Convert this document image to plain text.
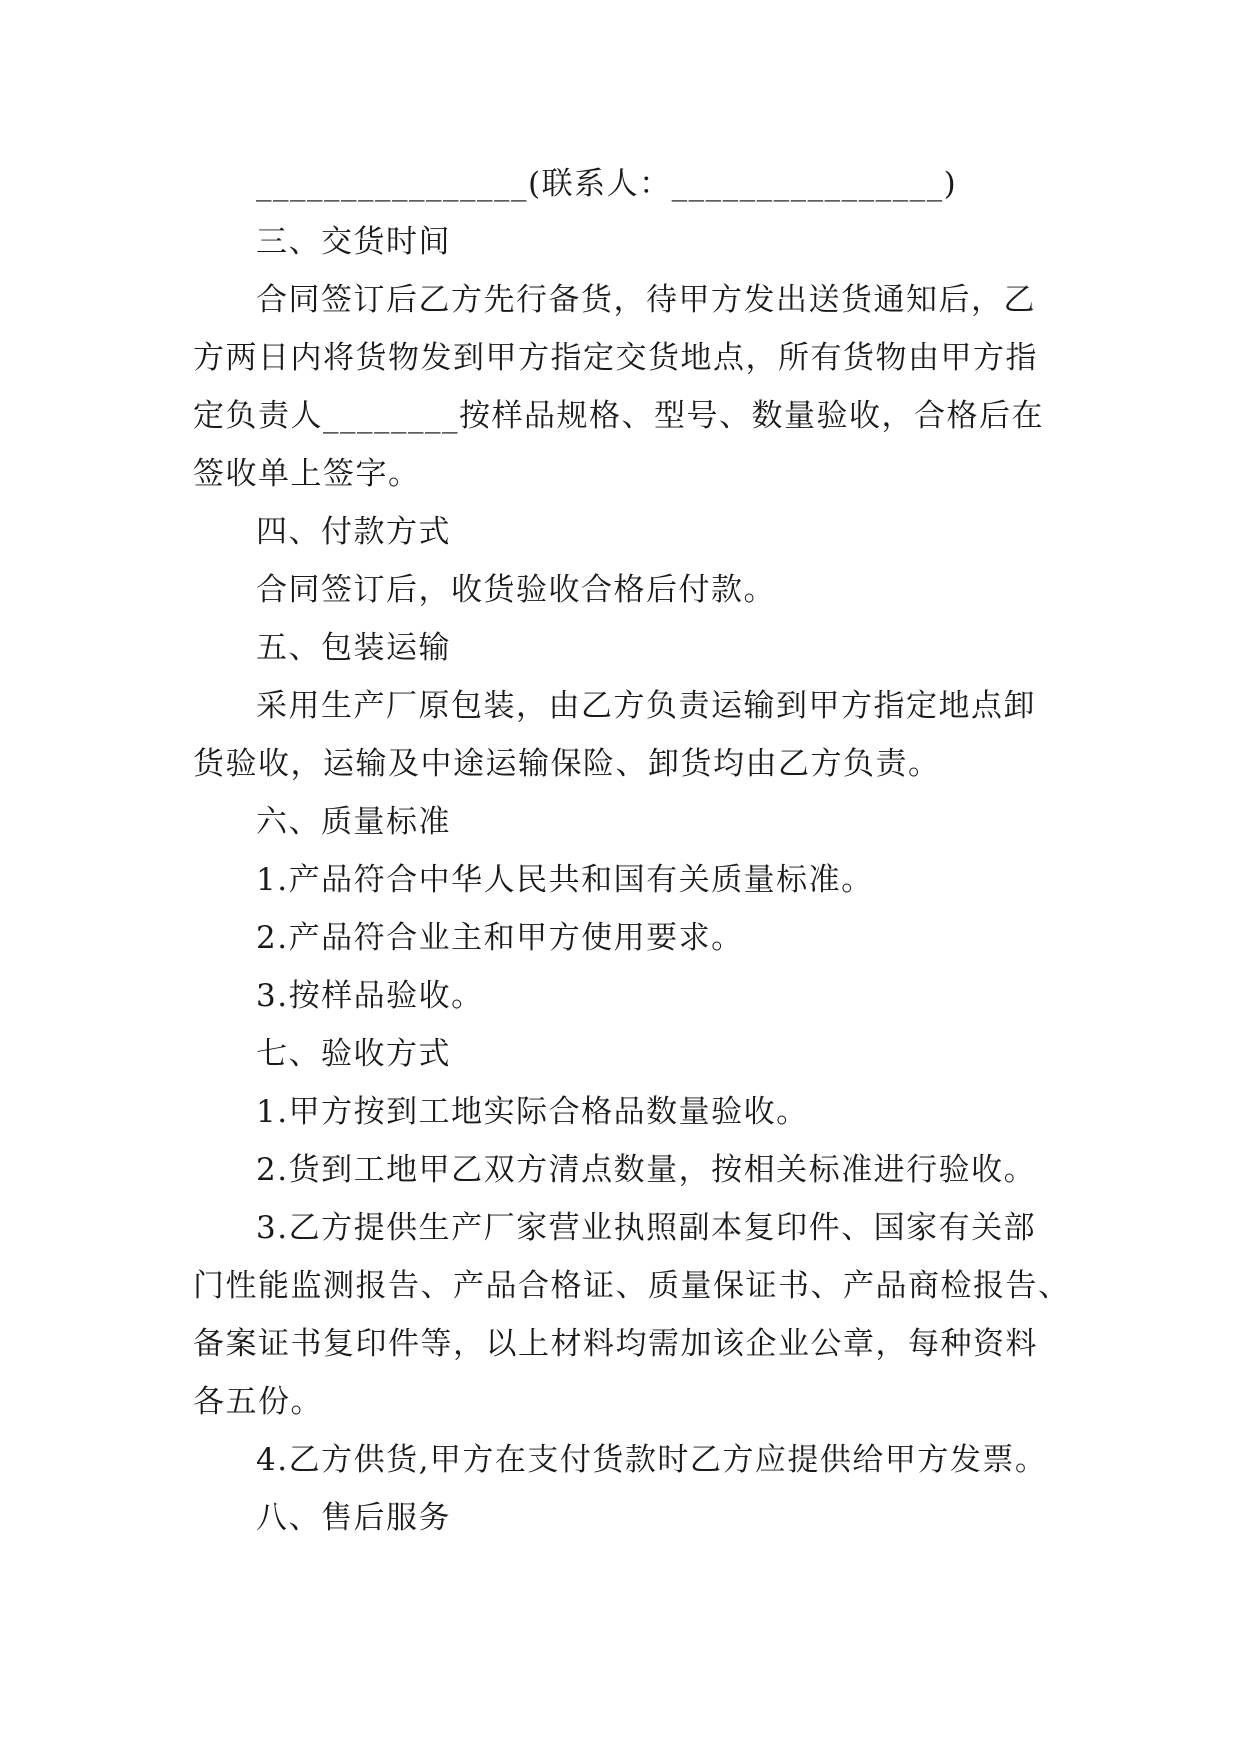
________________(联系人：________________)
三、交货时间
合同签订后乙方先行备货，待甲方发出送货通知后，乙
方两日内将货物发到甲方指定交货地点，所有货物由甲方指
定负责人________按样品规格、型号、数量验收，合格后在
签收单上签字。
四、付款方式
合同签订后，收货验收合格后付款。
五、包装运输
采用生产厂原包装，由乙方负责运输到甲方指定地点卸
货验收，运输及中途运输保险、卸货均由乙方负责。
六、质量标准
1.产品符合中华人民共和国有关质量标准。
2.产品符合业主和甲方使用要求。
3.按样品验收。
七、验收方式
1.甲方按到工地实际合格品数量验收。
2.货到工地甲乙双方清点数量，按相关标准进行验收。
3.乙方提供生产厂家营业执照副本复印件、国家有关部
门性能监测报告、产品合格证、质量保证书、产品商检报告、
备案证书复印件等，以上材料均需加该企业公章，每种资料
各五份。
4.乙方供货,甲方在支付货款时乙方应提供给甲方发票。
八、售后服务
